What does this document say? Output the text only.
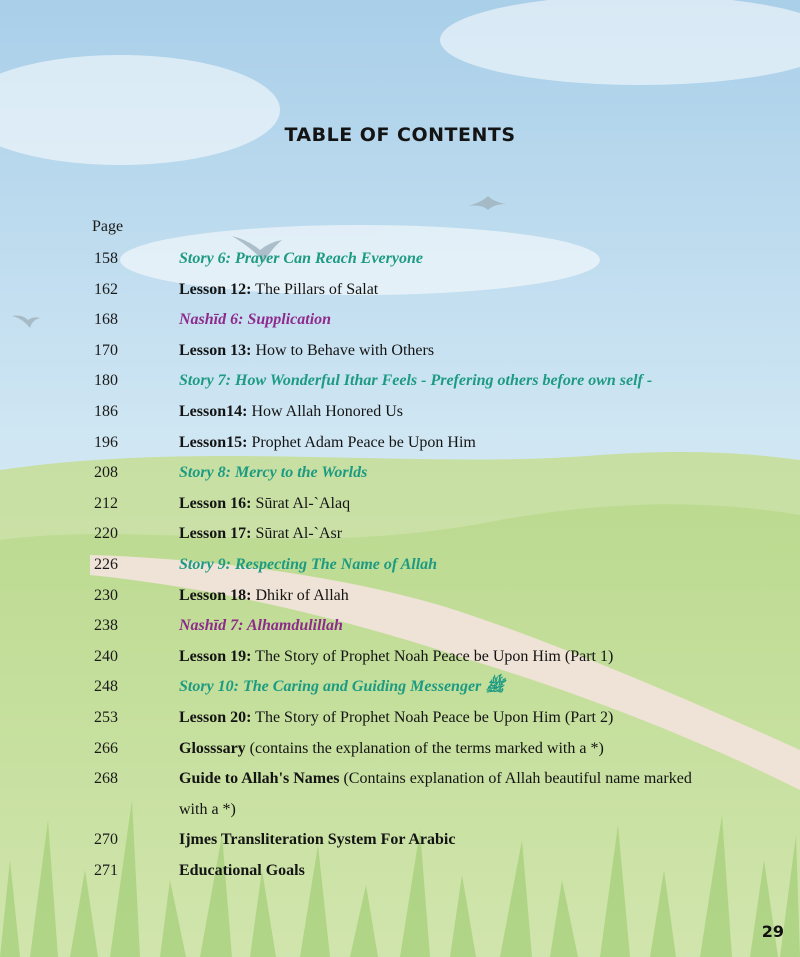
TABLE OF CONTENTS
Page
158	Story 6: Prayer Can Reach Everyone
162	Lesson 12: The Pillars of Salat
168	Nashīd 6: Supplication
170	Lesson 13: How to Behave with Others
180	Story 7: How Wonderful Ithar Feels - Prefering others before own self -
186	Lesson14: How Allah Honored Us
196	Lesson15: Prophet Adam Peace be Upon Him
208	Story 8: Mercy to the Worlds
212	Lesson 16: Sūrat Al-`Alaq
220	Lesson 17: Sūrat Al-`Asr
226	Story 9: Respecting The Name of Allah
230	Lesson 18: Dhikr of Allah
238	Nashīd 7: Alhamdulillah
240	Lesson 19: The Story of Prophet Noah Peace be Upon Him (Part 1)
248	Story 10: The Caring and Guiding Messenger ﷺ
253	Lesson 20: The Story of Prophet Noah Peace be Upon Him (Part 2)
266	Glosssary (contains the explanation of the terms marked with a *)
268	Guide to Allah's Names (Contains explanation of Allah beautiful name marked with a *)
270	Ijmes Transliteration System For Arabic
271	Educational Goals
29
